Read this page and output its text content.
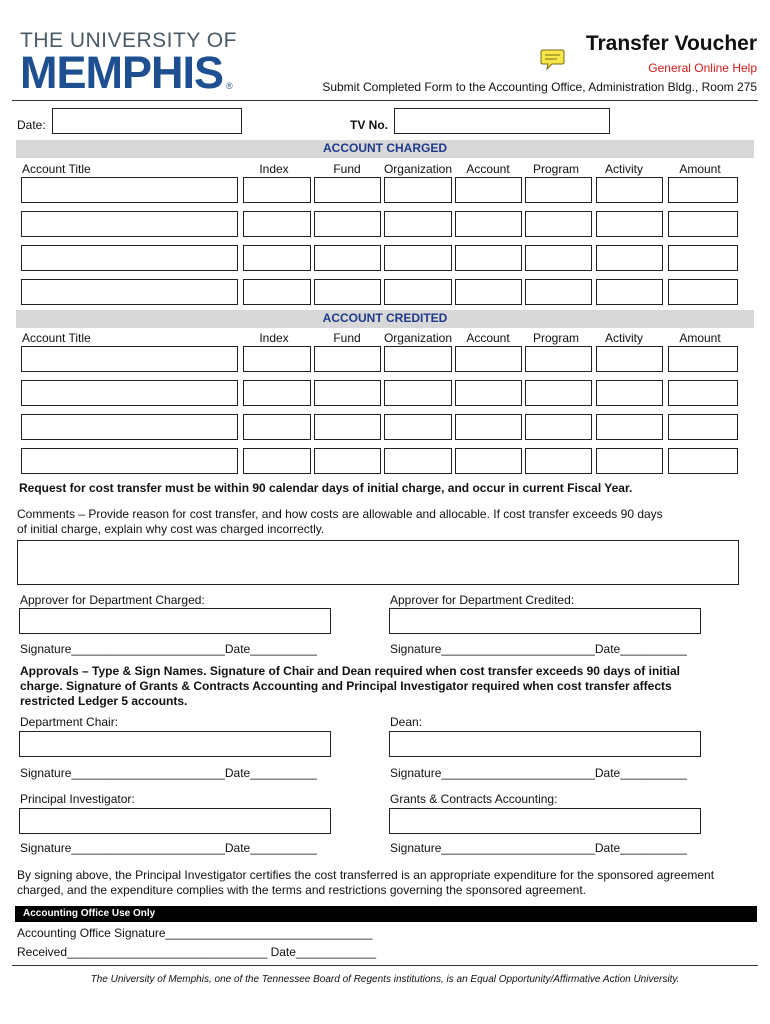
THE UNIVERSITY OF
MEMPHIS ®
Transfer Voucher
General Online Help
Submit Completed Form to the Accounting Office, Administration Bldg., Room 275
Date:	TV No.
ACCOUNT CHARGED
Account Title	Index	Fund	Organization	Account	Program	Activity	Amount
ACCOUNT CREDITED
Account Title	Index	Fund	Organization	Account	Program	Activity	Amount
Request for cost transfer must be within 90 calendar days of initial charge, and occur in current Fiscal Year.
Comments – Provide reason for cost transfer, and how costs are allowable and allocable. If cost transfer exceeds 90 days
of initial charge, explain why cost was charged incorrectly.
Approver for Department Charged:	Approver for Department Credited:
Signature_______________________Date__________	Signature_______________________Date__________
Approvals – Type & Sign Names. Signature of Chair and Dean required when cost transfer exceeds 90 days of initial
charge. Signature of Grants & Contracts Accounting and Principal Investigator required when cost transfer affects
restricted Ledger 5 accounts.
Department Chair:	Dean:
Signature_______________________Date__________	Signature_______________________Date__________
Principal Investigator:	Grants & Contracts Accounting:
Signature_______________________Date__________	Signature_______________________Date__________
By signing above, the Principal Investigator certifies the cost transferred is an appropriate expenditure for the sponsored agreement
charged, and the expenditure complies with the terms and restrictions governing the sponsored agreement.
Accounting Office Use Only
Accounting Office Signature_______________________________
Received______________________________ Date____________
The University of Memphis, one of the Tennessee Board of Regents institutions, is an Equal Opportunity/Affirmative Action University.
